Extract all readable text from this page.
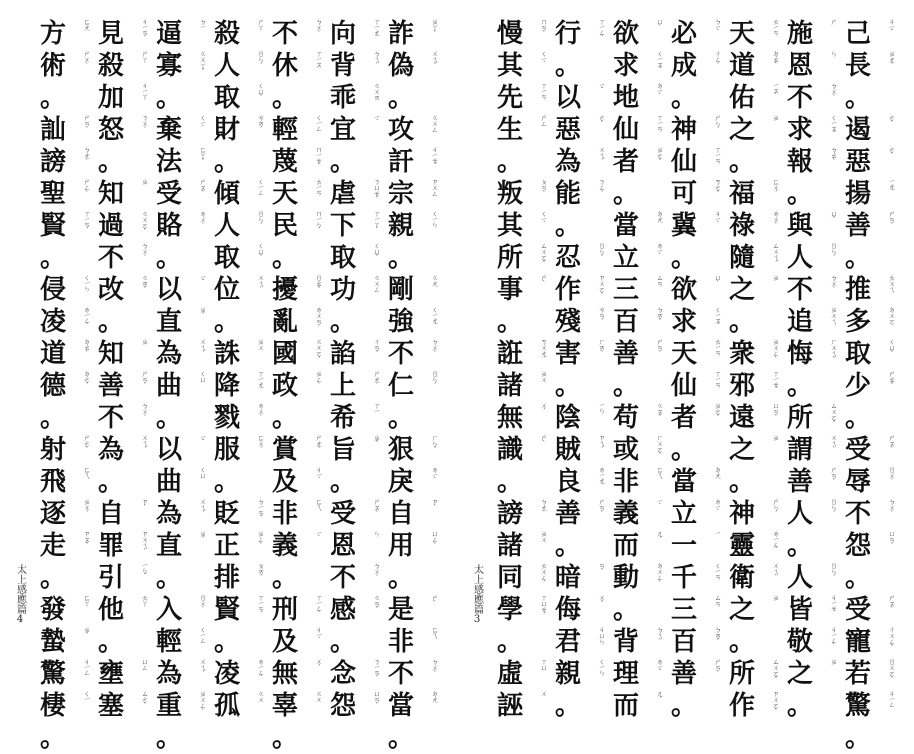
詐	ㄓㄚˋ
偽	ㄨㄟˇ
。
攻	ㄍㄨㄥ
訐	ㄐㄧㄝˊ
宗	ㄗㄨㄥ
親	ㄑㄧㄣ
。
剛	ㄍㄤ
強	ㄑㄧㄤˊ
不	ㄅㄨˋ
仁	ㄖㄣˊ
。
狠	ㄏㄣˇ
戾	ㄌㄧˋ
自	ㄗˋ
用	ㄩㄥˋ
。
是	ㄕˋ
非	ㄈㄟ
不	ㄅㄨˋ
當	ㄉㄤ
。
向	ㄒㄧㄤˋ
背	ㄅㄟˋ
乖	ㄍㄨㄞ
宜	ㄧˊ
。
虐	ㄋㄩㄝˋ
下	ㄒㄧㄚˋ
取	ㄑㄩˇ
功	ㄍㄨㄥ
。
諂	ㄔㄢˇ
上	ㄕㄤˋ
希	ㄒㄧ
旨	ㄓˇ
。
受	ㄕㄡˋ
恩	ㄣ
不	ㄅㄨˋ
感	ㄍㄢˇ
。
念	ㄋㄧㄢˋ
怨	ㄩㄢˋ
不	ㄅㄨˋ
休	ㄒㄧㄡ
。
輕	ㄑㄧㄥ
蔑	ㄇㄧㄝˋ
天	ㄊㄧㄢ
民	ㄇㄧㄣˊ
。
擾	ㄖㄠˇ
亂	ㄌㄨㄢˋ
國	ㄍㄨㄛˊ
政	ㄓㄥˋ
。
賞	ㄕㄤˇ
及	ㄐㄧˊ
非	ㄈㄟ
義	ㄧˋ
。
刑	ㄒㄧㄥˊ
及	ㄐㄧˊ
無	ㄨˊ
辜	ㄍㄨ
。
殺	ㄕㄚ
人	ㄖㄣˊ
取	ㄑㄩˇ
財	ㄘㄞˊ
。
傾	ㄑㄧㄥ
人	ㄖㄣˊ
取	ㄑㄩˇ
位	ㄨㄟˋ
。
誅	ㄓㄨ
降	ㄒㄧㄤˊ
戮	ㄌㄨˋ
服	ㄈㄨˊ
。
貶	ㄅㄧㄢˇ
正	ㄓㄥˋ
排	ㄆㄞˊ
賢	ㄒㄧㄢˊ
。
凌	ㄌㄧㄥˊ
孤	ㄍㄨ
逼	ㄅㄧ
寡	ㄍㄨㄚˇ
。
棄	ㄑㄧˋ
法	ㄈㄚˇ
受	ㄕㄡˋ
賂	ㄌㄨˋ
。
以	ㄧˇ
直	ㄓˊ
為	ㄨㄟˊ
曲	ㄑㄩ
。
以	ㄧˇ
曲	ㄑㄩ
為	ㄨㄟˊ
直	ㄓˊ
。
入	ㄖㄨˋ
輕	ㄑㄧㄥ
為	ㄨㄟˊ
重	ㄓㄨㄥˋ
。
見	ㄐㄧㄢˋ
殺	ㄕㄚ
加	ㄐㄧㄚ
怒	ㄋㄨˋ
。
知	ㄓ
過	ㄍㄨㄛˋ
不	ㄅㄨˋ
改	ㄍㄞˇ
。
知	ㄓ
善	ㄕㄢˋ
不	ㄅㄨˋ
為	ㄨㄟˊ
。
自	ㄗˋ
罪	ㄗㄨㄟˋ
引	ㄧㄣˇ
他	ㄊㄚ
。
壅	ㄩㄥ
塞	ㄙㄜˋ
方	ㄈㄤ
術	ㄕㄨˋ
。
訕	ㄕㄢˋ
謗	ㄅㄤˋ
聖	ㄕㄥˋ
賢	ㄒㄧㄢˊ
。
侵	ㄑㄧㄣ
凌	ㄌㄧㄥˊ
道	ㄉㄠˋ
德	ㄉㄜˊ
。
射	ㄕㄜˋ
飛	ㄈㄟ
逐	ㄓㄨˊ
走	ㄗㄡˇ
。
發	ㄈㄚ
蟄	ㄓˊ
驚	ㄐㄧㄥ
棲	ㄑㄧ
。
太上感應篇
4
己	ㄐㄧˇ
長	ㄓㄤˇ
。
遏	ㄜˋ
惡	ㄜˋ
揚	ㄧㄤˊ
善	ㄕㄢˋ
。
推	ㄊㄨㄟ
多	ㄉㄨㄛ
取	ㄑㄩˇ
少	ㄕㄠˇ
。
受	ㄕㄡˋ
辱	ㄖㄨˋ
不	ㄅㄨˋ
怨	ㄩㄢˋ
。
受	ㄕㄡˋ
寵	ㄔㄨㄥˇ
若	ㄖㄨㄛˋ
驚	ㄐㄧㄥ
。
施	ㄕ
恩	ㄣ
不	ㄅㄨˋ
求	ㄑㄧㄡˊ
報	ㄅㄠˋ
。
與	ㄩˇ
人	ㄖㄣˊ
不	ㄅㄨˋ
追	ㄓㄨㄟ
悔	ㄏㄨㄟˇ
。
所	ㄙㄨㄛˇ
謂	ㄨㄟˋ
善	ㄕㄢˋ
人	ㄖㄣˊ
。
人	ㄖㄣˊ
皆	ㄐㄧㄝ
敬	ㄐㄧㄥˋ
之	ㄓ
。
天	ㄊㄧㄢ
道	ㄉㄠˋ
佑	ㄧㄡˋ
之	ㄓ
。
福	ㄈㄨˊ
祿	ㄌㄨˋ
隨	ㄙㄨㄟˊ
之	ㄓ
。
衆	ㄓㄨㄥˋ
邪	ㄒㄧㄝˊ
遠	ㄩㄢˋ
之	ㄓ
。
神	ㄕㄣˊ
靈	ㄌㄧㄥˊ
衛	ㄨㄟˋ
之	ㄓ
。
所	ㄙㄨㄛˇ
作	ㄗㄨㄛˋ
必	ㄅㄧˋ
成	ㄔㄥˊ
。
神	ㄕㄣˊ
仙	ㄒㄧㄢ
可	ㄎㄜˇ
冀	ㄐㄧˋ
。
欲	ㄩˋ
求	ㄑㄧㄡˊ
天	ㄊㄧㄢ
仙	ㄒㄧㄢ
者	ㄓㄜˇ
。
當	ㄉㄤ
立	ㄌㄧˋ
一	ㄧ
千	ㄑㄧㄢ
三	ㄙㄢ
百	ㄅㄞˇ
善	ㄕㄢˋ
。
欲	ㄩˋ
求	ㄑㄧㄡˊ
地	ㄉㄧˋ
仙	ㄒㄧㄢ
者	ㄓㄜˇ
。
當	ㄉㄤ
立	ㄌㄧˋ
三	ㄙㄢ
百	ㄅㄞˇ
善	ㄕㄢˋ
。
苟	ㄍㄡˇ
或	ㄏㄨㄛˋ
非	ㄈㄟ
義	ㄧˋ
而	ㄦˊ
動	ㄉㄨㄥˋ
。
背	ㄅㄟˋ
理	ㄌㄧˇ
而	ㄦˊ
行	ㄒㄧㄥˊ
。
以	ㄧˇ
惡	ㄜˋ
為	ㄨㄟˊ
能	ㄋㄥˊ
。
忍	ㄖㄣˇ
作	ㄗㄨㄛˋ
殘	ㄘㄢˊ
害	ㄏㄞˋ
。
陰	ㄧㄣ
賊	ㄗㄟˊ
良	ㄌㄧㄤˊ
善	ㄕㄢˋ
。
暗	ㄢˋ
侮	ㄨˇ
君	ㄐㄩㄣ
親	ㄑㄧㄣ
。
慢	ㄇㄢˋ
其	ㄑㄧˊ
先	ㄒㄧㄢ
生	ㄕㄥ
。
叛	ㄆㄢˋ
其	ㄑㄧˊ
所	ㄙㄨㄛˇ
事	ㄕˋ
。
誑	ㄎㄨㄤˊ
諸	ㄓㄨ
無	ㄨˊ
識	ㄕˋ
。
謗	ㄅㄤˋ
諸	ㄓㄨ
同	ㄊㄨㄥˊ
學	ㄒㄩㄝˊ
。
虛	ㄒㄩ
誣	ㄨ
太上感應篇
3
